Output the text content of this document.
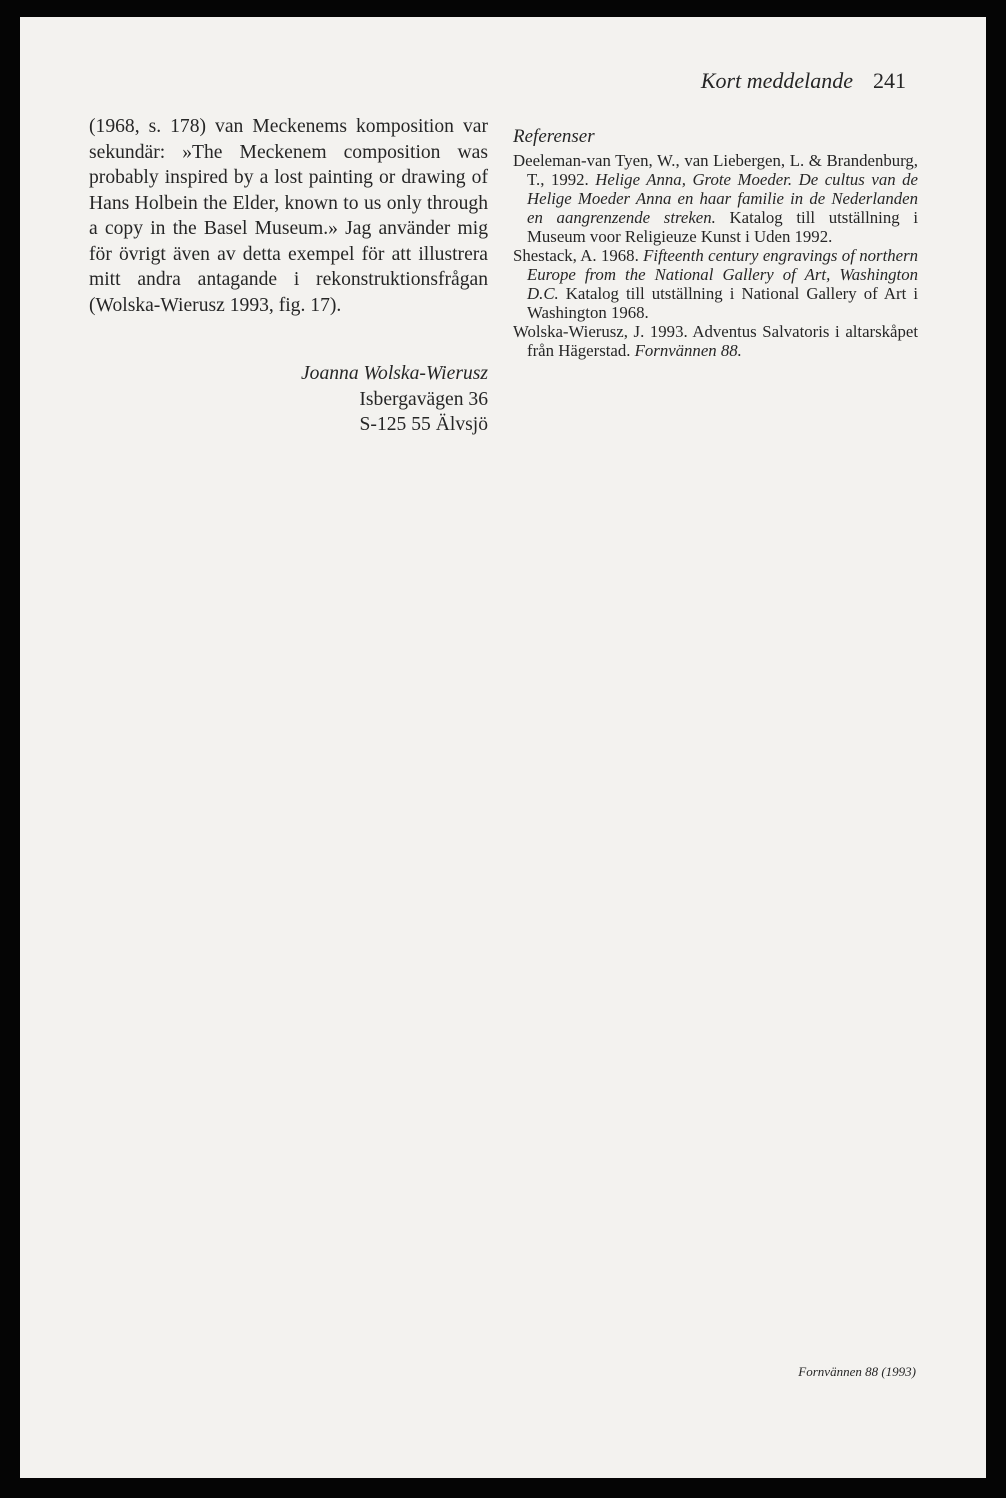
Kort meddelande 241

(1968, s. 178) van Meckenems komposition var sekundär: »The Meckenem composition was probably inspired by a lost painting or drawing of Hans Holbein the Elder, known to us only through a copy in the Basel Museum.» Jag använder mig för övrigt även av detta exempel för att illustrera mitt andra antagande i rekonstruktionsfrågan (Wolska-Wierusz 1993, fig. 17).

Joanna Wolska-Wierusz
Isbergavägen 36
S-125 55 Älvsjö
Referenser

Deeleman-van Tyen, W., van Liebergen, L. & Brandenburg, T., 1992. Helige Anna, Grote Moeder. De cultus van de Helige Moeder Anna en haar familie in de Nederlanden en aangrenzende streken. Katalog till utställning i Museum voor Religieuze Kunst i Uden 1992.

Shestack, A. 1968. Fifteenth century engravings of northern Europe from the National Gallery of Art, Washington D.C. Katalog till utställning i National Gallery of Art i Washington 1968.

Wolska-Wierusz, J. 1993. Adventus Salvatoris i altarskåpet från Hägerstad. Fornvännen 88.

Fornvännen 88 (1993)
